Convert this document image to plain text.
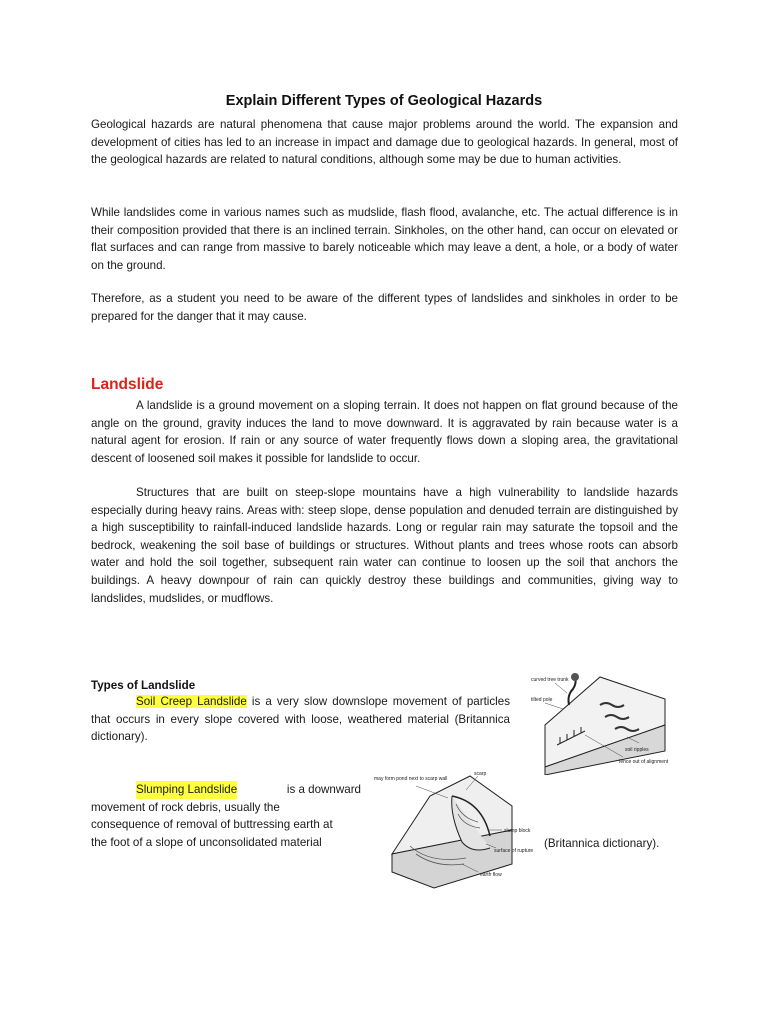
Explain Different Types of Geological Hazards

Geological hazards are natural phenomena that cause major problems around the world. The expansion and development of cities has led to an increase in impact and damage due to geological hazards. In general, most of the geological hazards are related to natural conditions, although some may be due to human activities.

While landslides come in various names such as mudslide, flash flood, avalanche, etc. The actual difference is in their composition provided that there is an inclined terrain. Sinkholes, on the other hand, can occur on elevated or flat surfaces and can range from massive to barely noticeable which may leave a dent, a hole, or a body of water on the ground.

Therefore, as a student you need to be aware of the different types of landslides and sinkholes in order to be prepared for the danger that it may cause.

Landslide

A landslide is a ground movement on a sloping terrain. It does not happen on flat ground because of the angle on the ground, gravity induces the land to move downward. It is aggravated by rain because water is a natural agent for erosion. If rain or any source of water frequently flows down a sloping area, the gravitational descent of loosened soil makes it possible for landslide to occur.

Structures that are built on steep-slope mountains have a high vulnerability to landslide hazards especially during heavy rains. Areas with: steep slope, dense population and denuded terrain are distinguished by a high susceptibility to rainfall-induced landslide hazards. Long or regular rain may saturate the topsoil and the bedrock, weakening the soil base of buildings or structures. Without plants and trees whose roots can absorb water and hold the soil together, subsequent rain water can continue to loosen up the soil that anchors the buildings. A heavy downpour of rain can quickly destroy these buildings and communities, giving way to landslides, mudslides, or mudflows.

Types of Landslide

Soil Creep Landslide is a very slow downslope movement of particles that occurs in every slope covered with loose, weathered material (Britannica dictionary).

Slumping Landslide	is a downward
movement of rock debris, usually the
consequence of removal of buttressing earth at
the foot of a slope of unconsolidated material	(Britannica dictionary).
curved tree trunk
tilted pole
soil ripples
fence out of alignment
scarp
may form pond next to scarp wall
slump block
surface of rupture
earth flow
